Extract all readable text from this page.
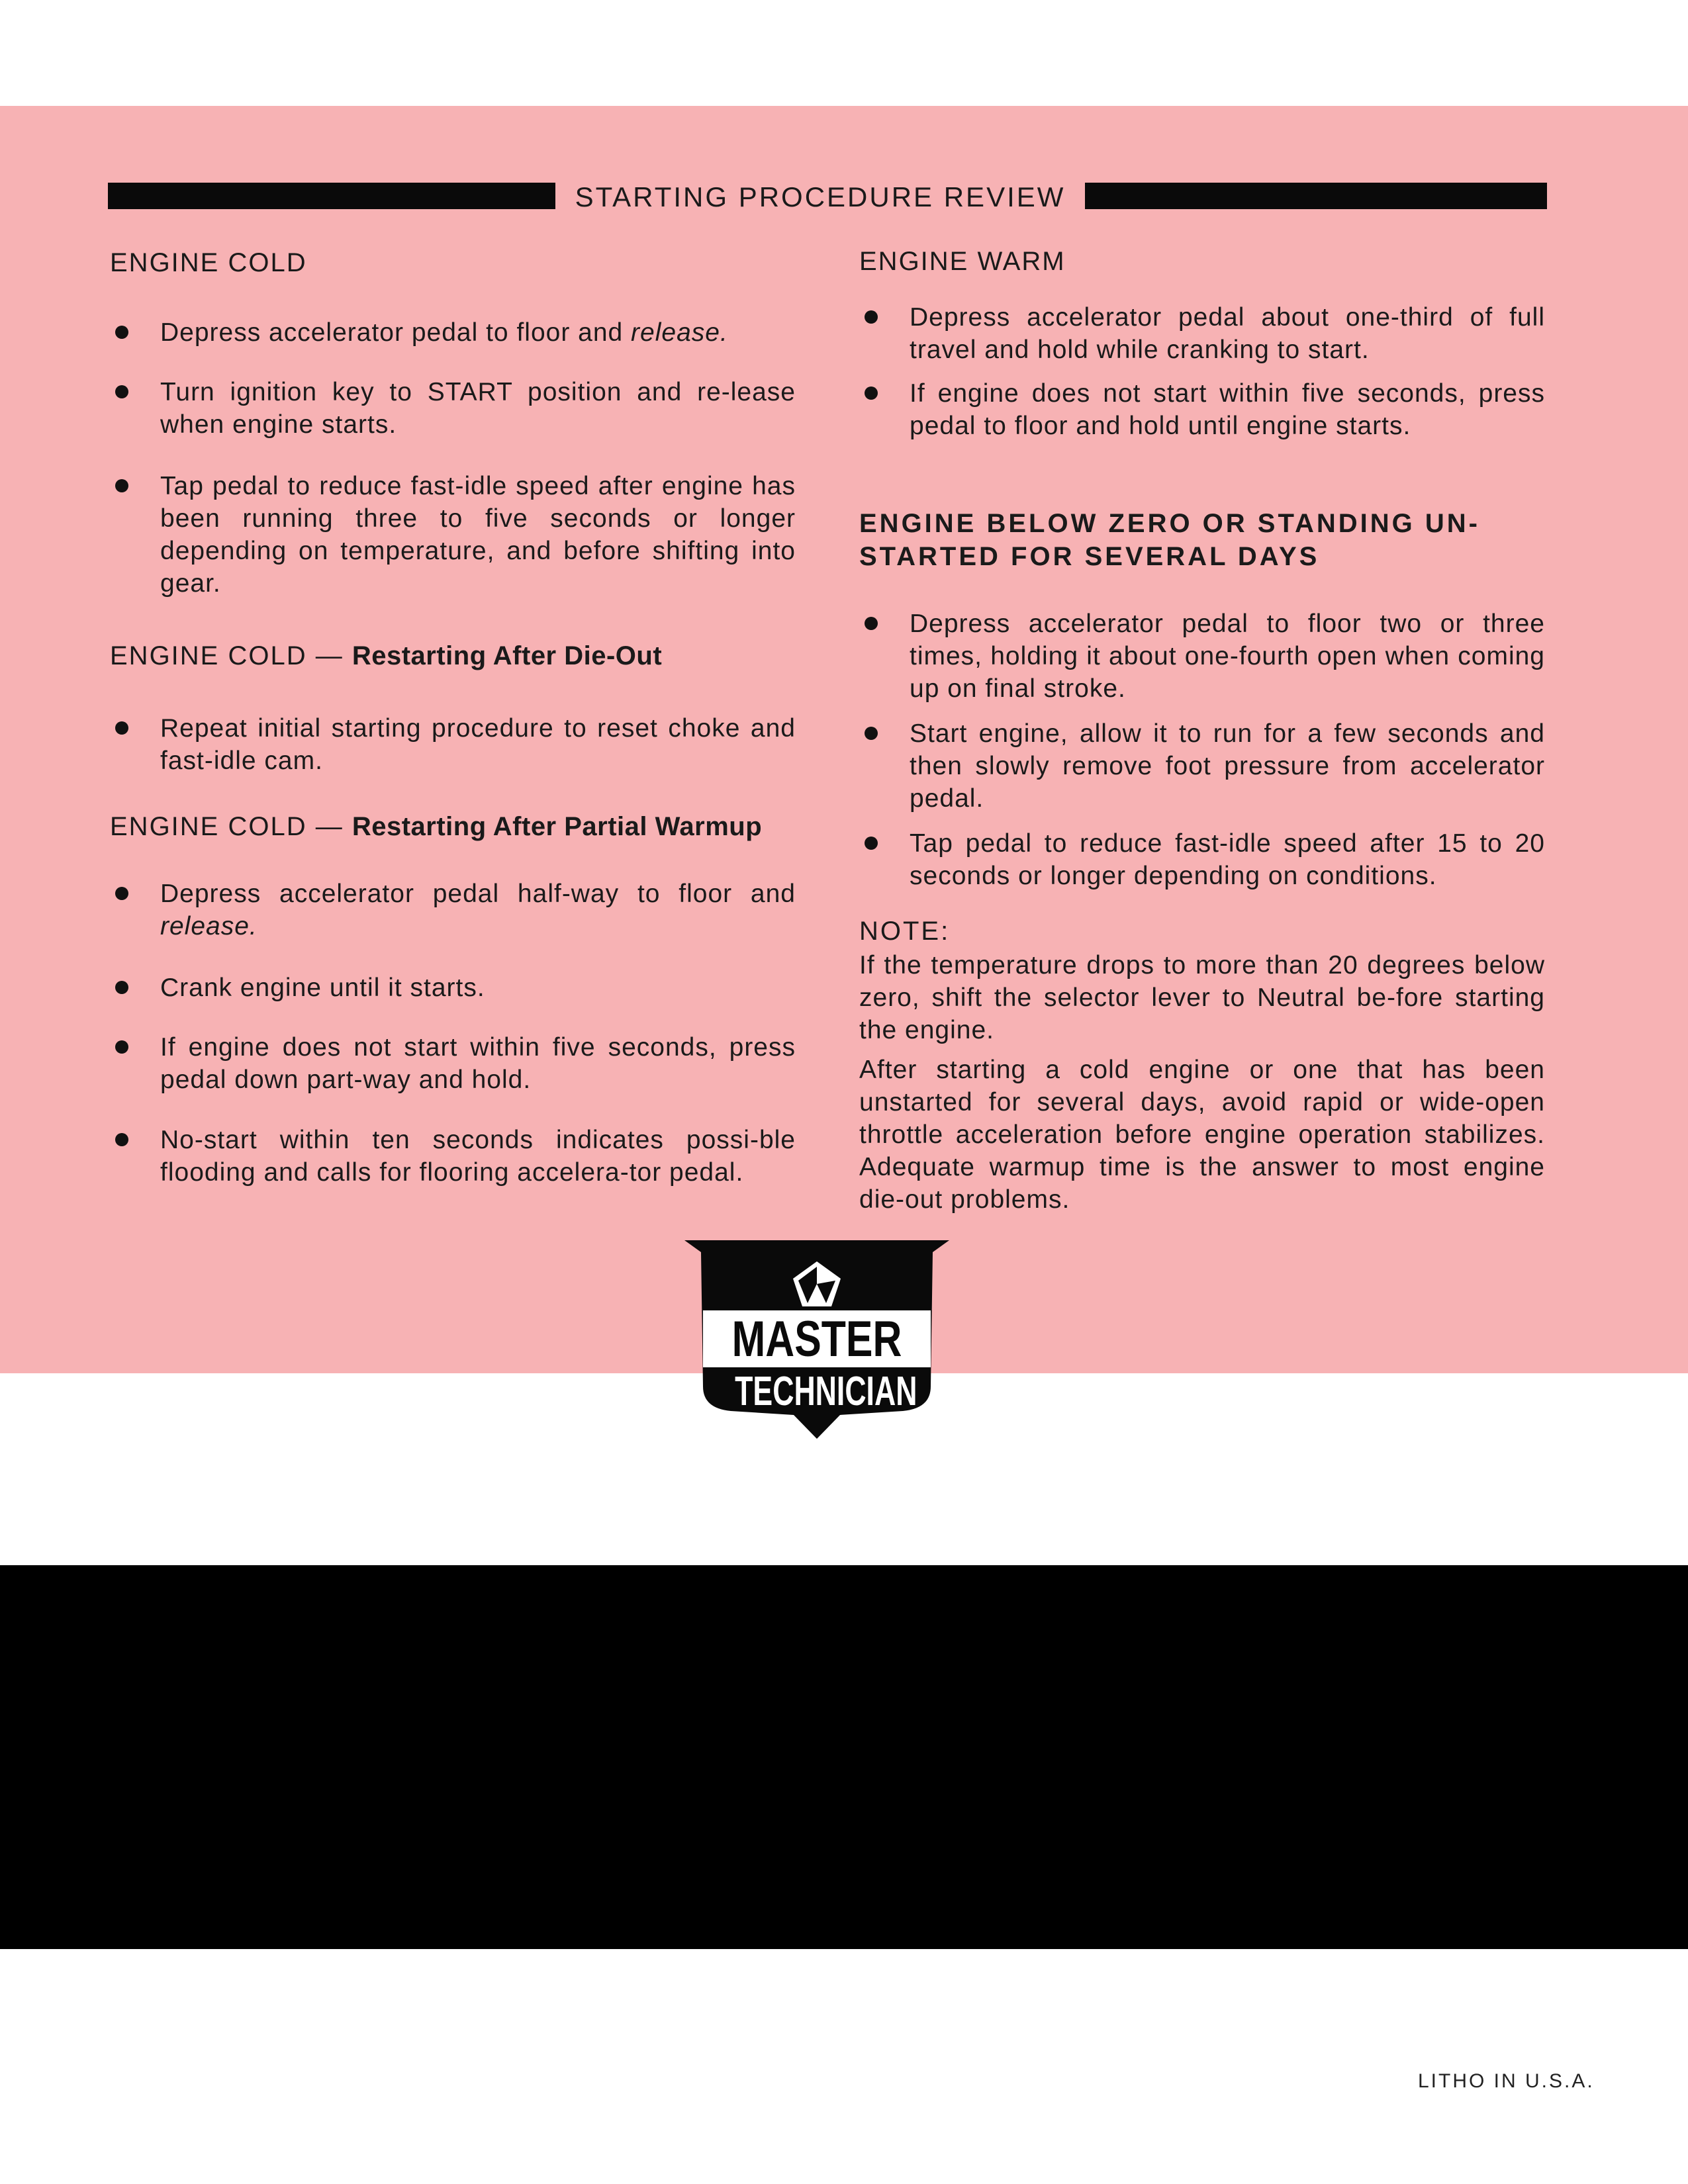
STARTING PROCEDURE REVIEW
ENGINE COLD
Depress accelerator pedal to floor and release.
Turn ignition key to START position and re-lease when engine starts.
Tap pedal to reduce fast-idle speed after engine has been running three to five seconds or longer depending on temperature, and before shifting into gear.
ENGINE COLD — Restarting After Die-Out
Repeat initial starting procedure to reset choke and fast-idle cam.
ENGINE COLD — Restarting After Partial Warmup
Depress accelerator pedal half-way to floor and release.
Crank engine until it starts.
If engine does not start within five seconds, press pedal down part-way and hold.
No-start within ten seconds indicates possi-ble flooding and calls for flooring accelera-tor pedal.
ENGINE WARM
Depress accelerator pedal about one-third of full travel and hold while cranking to start.
If engine does not start within five seconds, press pedal to floor and hold until engine starts.
ENGINE BELOW ZERO OR STANDING UN-STARTED FOR SEVERAL DAYS
Depress accelerator pedal to floor two or three times, holding it about one-fourth open when coming up on final stroke.
Start engine, allow it to run for a few seconds and then slowly remove foot pressure from accelerator pedal.
Tap pedal to reduce fast-idle speed after 15 to 20 seconds or longer depending on conditions.
NOTE:
If the temperature drops to more than 20 degrees below zero, shift the selector lever to Neutral be-fore starting the engine.
After starting a cold engine or one that has been unstarted for several days, avoid rapid or wide-open throttle acceleration before engine operation stabilizes. Adequate warmup time is the answer to most engine die-out problems.
MASTER
TECHNICIAN
LITHO IN U.S.A.
